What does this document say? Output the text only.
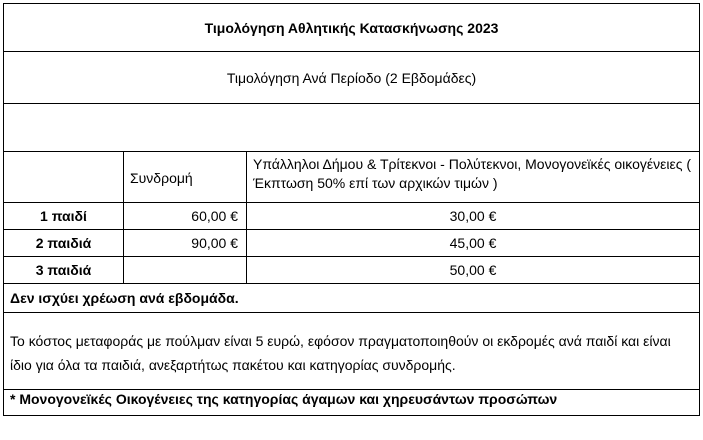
Τιμολόγηση Αθλητικής Κατασκήνωσης 2023		
Τιμολόγηση Ανά Περίοδο (2 Εβδομάδες)		

	Συνδρομή	Υπάλληλοι Δήμου & Τρίτεκνοι - Πολύτεκνοι, Μονογονεϊκές οικογένειες ( Έκπτωση 50% επί των αρχικών τιμών )
1 παιδί	60,00 €	30,00 €
2 παιδιά	90,00 €	45,00 €
3 παιδιά		50,00 €
Δεν ισχύει χρέωση ανά εβδομάδα.		
Το κόστος μεταφοράς με πούλμαν είναι 5 ευρώ, εφόσον πραγματοποιηθούν οι εκδρομές ανά παιδί και είναι ίδιο για όλα τα παιδιά, ανεξαρτήτως πακέτου και κατηγορίας συνδρομής.		
* Μονογονεϊκές Οικογένειες της κατηγορίας άγαμων και χηρευσάντων προσώπων		
